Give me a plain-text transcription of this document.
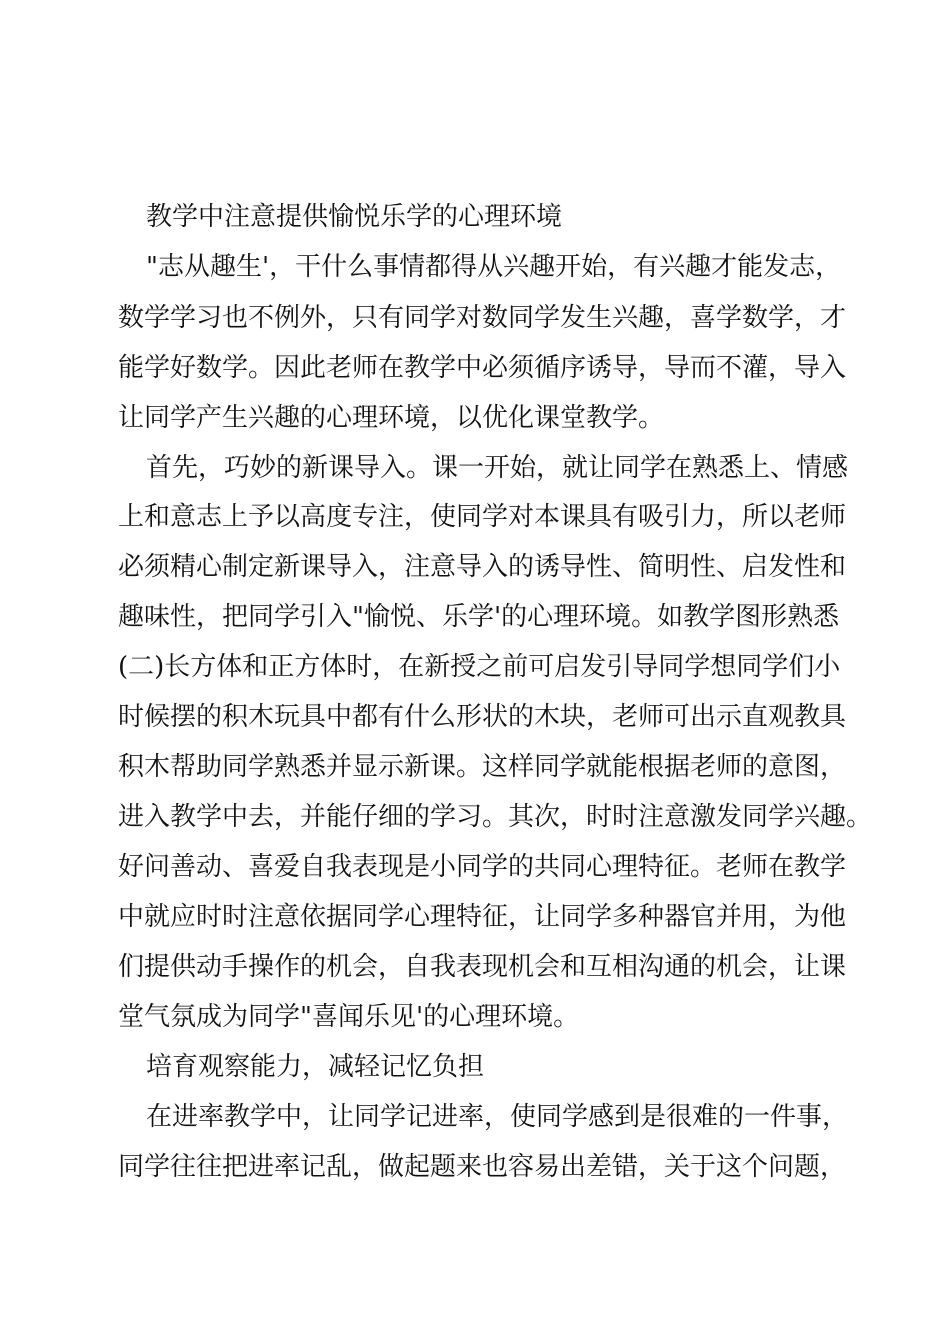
教学中注意提供愉悦乐学的心理环境
"志从趣生'，干什么事情都得从兴趣开始，有兴趣才能发志，
数学学习也不例外，只有同学对数同学发生兴趣，喜学数学，才
能学好数学。因此老师在教学中必须循序诱导，导而不灌，导入
让同学产生兴趣的心理环境，以优化课堂教学。
首先，巧妙的新课导入。课一开始，就让同学在熟悉上、情感
上和意志上予以高度专注，使同学对本课具有吸引力，所以老师
必须精心制定新课导入，注意导入的诱导性、简明性、启发性和
趣味性，把同学引入"愉悦、乐学'的心理环境。如教学图形熟悉
(二)长方体和正方体时，在新授之前可启发引导同学想同学们小
时候摆的积木玩具中都有什么形状的木块，老师可出示直观教具
积木帮助同学熟悉并显示新课。这样同学就能根据老师的意图，
进入教学中去，并能仔细的学习。其次，时时注意激发同学兴趣。
好问善动、喜爱自我表现是小同学的共同心理特征。老师在教学
中就应时时注意依据同学心理特征，让同学多种器官并用，为他
们提供动手操作的机会，自我表现机会和互相沟通的机会，让课
堂气氛成为同学"喜闻乐见'的心理环境。
培育观察能力，减轻记忆负担
在进率教学中，让同学记进率，使同学感到是很难的一件事，
同学往往把进率记乱，做起题来也容易出差错，关于这个问题，
